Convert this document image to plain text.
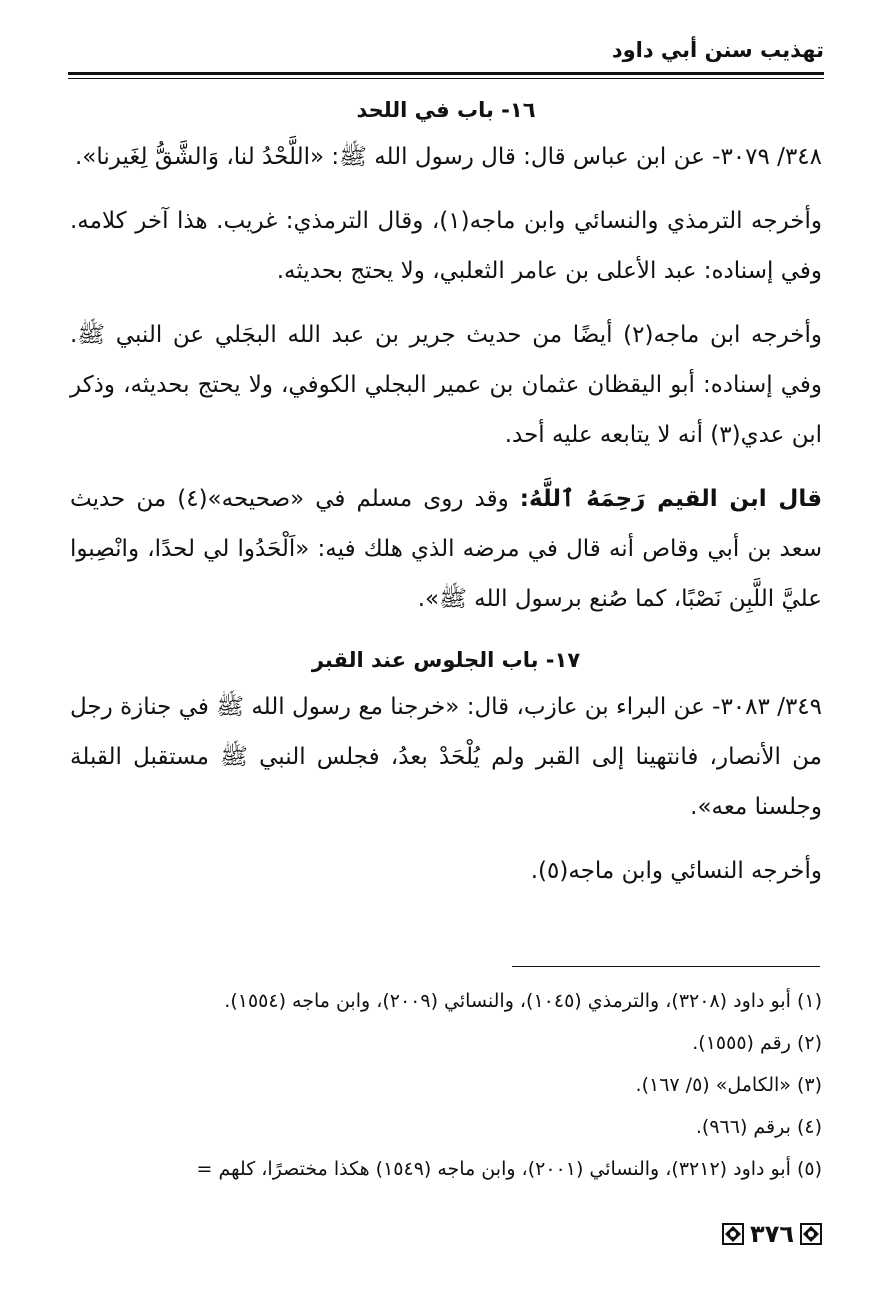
تهذيب سنن أبي داود

١٦- باب في اللحد

٣٤٨/ ٣٠٧٩- عن ابن عباس قال: قال رسول الله ﷺ: «اللَّحْدُ لنا، وَالشَّقُّ لِغَيرنا».

وأخرجه الترمذي والنسائي وابن ماجه(١)، وقال الترمذي: غريب. هذا آخر كلامه. وفي إسناده: عبد الأعلى بن عامر الثعلبي، ولا يحتج بحديثه.

وأخرجه ابن ماجه(٢) أيضًا من حديث جرير بن عبد الله البجَلي عن النبي ﷺ. وفي إسناده: أبو اليقظان عثمان بن عمير البجلي الكوفي، ولا يحتج بحديثه، وذكر ابن عدي(٣) أنه لا يتابعه عليه أحد.

قال ابن القيم رَحِمَهُ ٱللَّهُ: وقد روى مسلم في «صحيحه»(٤) من حديث سعد بن أبي وقاص أنه قال في مرضه الذي هلك فيه: «اَلْحَدُوا لي لحدًا، وانْصِبوا عليَّ اللَّبِن نَصْبًا، كما صُنع برسول الله ﷺ».

١٧- باب الجلوس عند القبر

٣٤٩/ ٣٠٨٣- عن البراء بن عازب، قال: «خرجنا مع رسول الله ﷺ في جنازة رجل من الأنصار، فانتهينا إلى القبر ولم يُلْحَدْ بعدُ، فجلس النبي ﷺ مستقبل القبلة وجلسنا معه».

وأخرجه النسائي وابن ماجه(٥).

(١) أبو داود (٣٢٠٨)، والترمذي (١٠٤٥)، والنسائي (٢٠٠٩)، وابن ماجه (١٥٥٤).

(٢) رقم (١٥٥٥).

(٣) «الكامل» (٥/ ١٦٧).

(٤) برقم (٩٦٦).

(٥) أبو داود (٣٢١٢)، والنسائي (٢٠٠١)، وابن ماجه (١٥٤٩) هكذا مختصرًا، كلهم =

٣٧٦
